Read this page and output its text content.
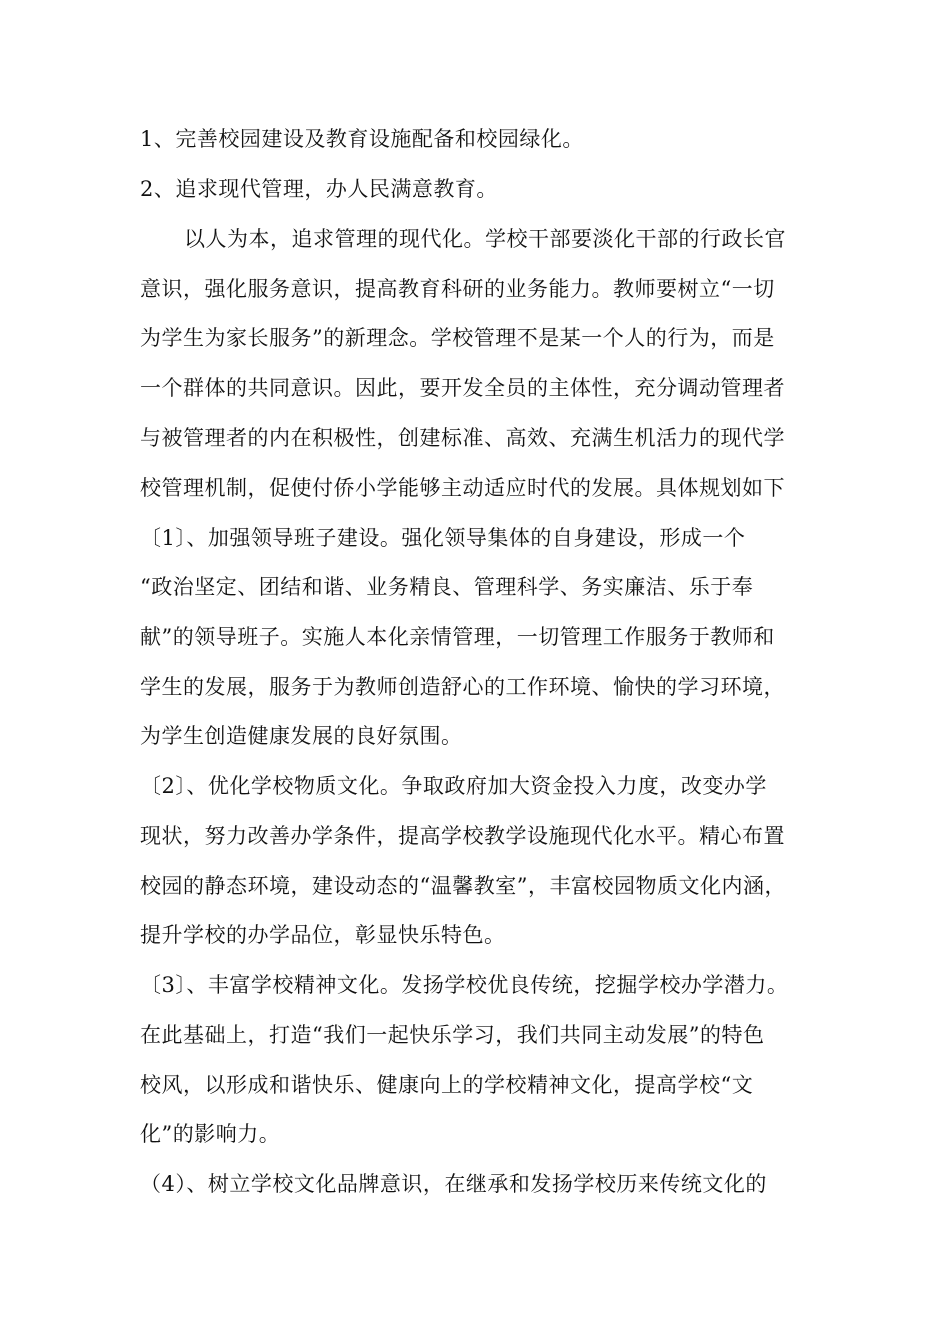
1、完善校园建设及教育设施配备和校园绿化。
2、追求现代管理，办人民满意教育。
以人为本，追求管理的现代化。学校干部要淡化干部的行政长官
意识，强化服务意识，提高教育科研的业务能力。教师要树立“一切
为学生为家长服务”的新理念。学校管理不是某一个人的行为，而是
一个群体的共同意识。因此，要开发全员的主体性，充分调动管理者
与被管理者的内在积极性，创建标准、高效、充满生机活力的现代学
校管理机制，促使付侨小学能够主动适应时代的发展。具体规划如下
〔1〕、加强领导班子建设。强化领导集体的自身建设，形成一个
“政治坚定、团结和谐、业务精良、管理科学、务实廉洁、乐于奉
献”的领导班子。实施人本化亲情管理，一切管理工作服务于教师和
学生的发展，服务于为教师创造舒心的工作环境、愉快的学习环境，
为学生创造健康发展的良好氛围。
〔2〕、优化学校物质文化。争取政府加大资金投入力度，改变办学
现状，努力改善办学条件，提高学校教学设施现代化水平。精心布置
校园的静态环境，建设动态的“温馨教室”，丰富校园物质文化内涵，
提升学校的办学品位，彰显快乐特色。
〔3〕、丰富学校精神文化。发扬学校优良传统，挖掘学校办学潜力。
在此基础上，打造“我们一起快乐学习，我们共同主动发展”的特色
校风，以形成和谐快乐、健康向上的学校精神文化，提高学校“文
化”的影响力。
（4）、树立学校文化品牌意识，在继承和发扬学校历来传统文化的
